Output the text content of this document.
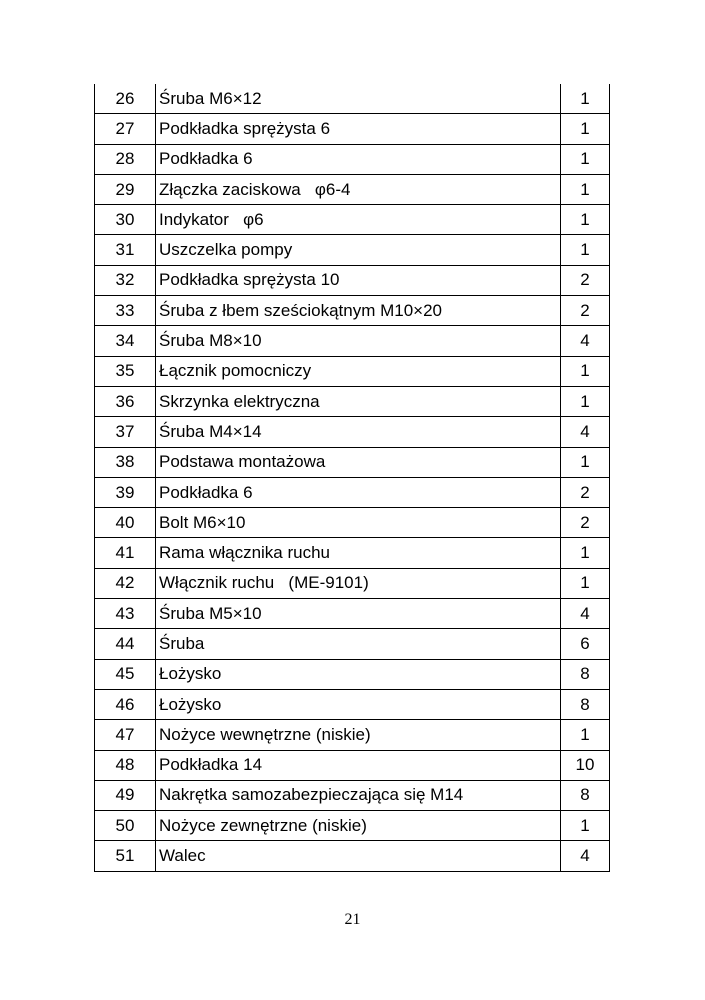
26	Śruba M6×12	1
27	Podkładka sprężysta 6	1
28	Podkładka 6	1
29	Złączka zaciskowa   φ6-4	1
30	Indykator   φ6	1
31	Uszczelka pompy	1
32	Podkładka sprężysta 10	2
33	Śruba z łbem sześciokątnym M10×20	2
34	Śruba M8×10	4
35	Łącznik pomocniczy	1
36	Skrzynka elektryczna	1
37	Śruba M4×14	4
38	Podstawa montażowa	1
39	Podkładka 6	2
40	Bolt M6×10	2
41	Rama włącznika ruchu	1
42	Włącznik ruchu   (ME-9101)	1
43	Śruba M5×10	4
44	Śruba	6
45	Łożysko	8
46	Łożysko	8
47	Nożyce wewnętrzne (niskie)	1
48	Podkładka 14	10
49	Nakrętka samozabezpieczająca się M14	8
50	Nożyce zewnętrzne (niskie)	1
51	Walec	4
21
